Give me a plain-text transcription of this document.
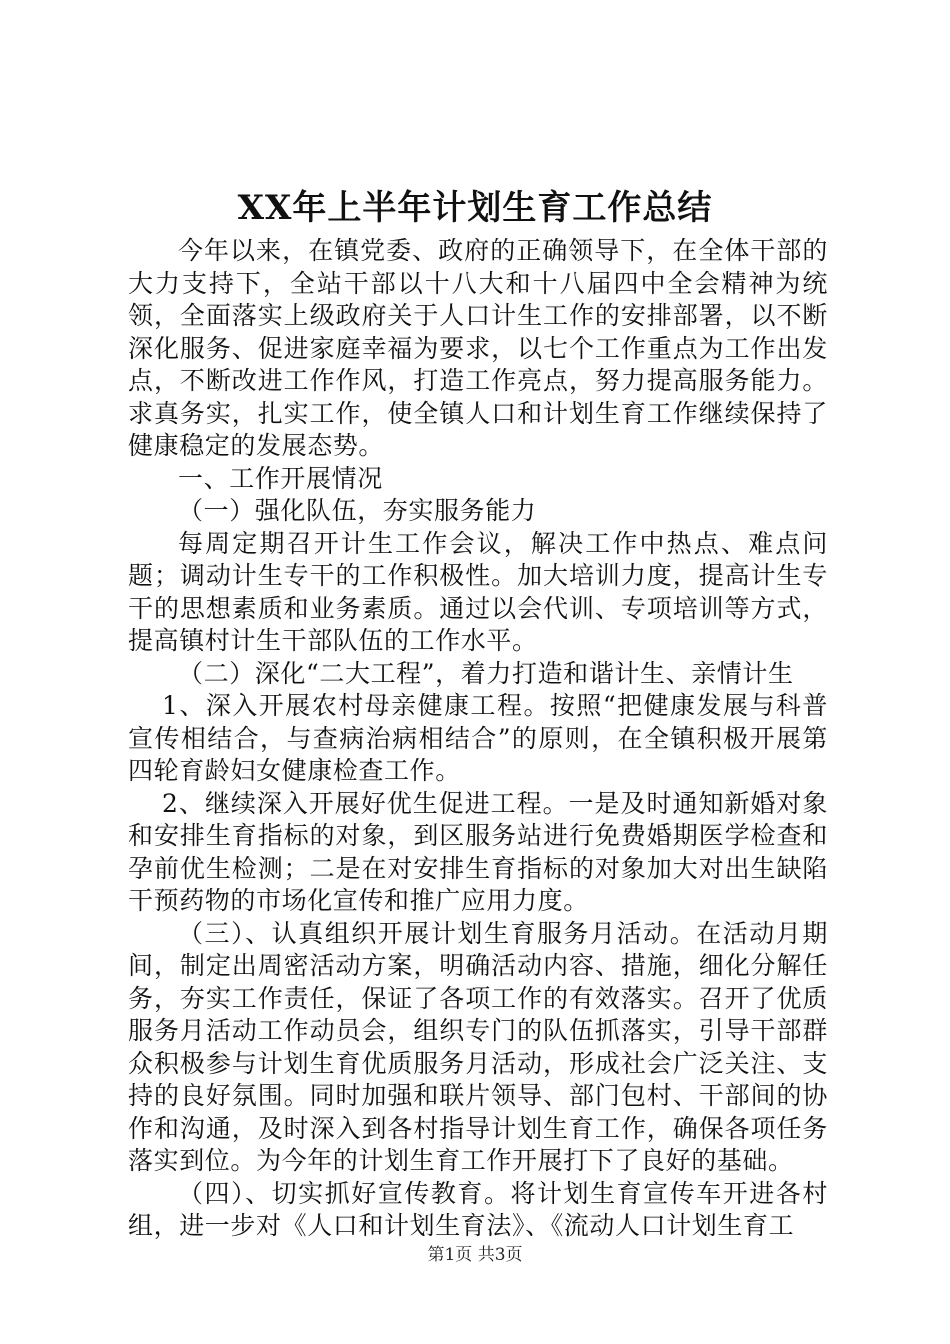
XX年上半年计划生育工作总结

今年以来，在镇党委、政府的正确领导下，在全体干部的大力支持下，全站干部以十八大和十八届四中全会精神为统领，全面落实上级政府关于人口计生工作的安排部署，以不断深化服务、促进家庭幸福为要求，以七个工作重点为工作出发点，不断改进工作作风，打造工作亮点，努力提高服务能力。求真务实，扎实工作，使全镇人口和计划生育工作继续保持了健康稳定的发展态势。

一、工作开展情况

（一）强化队伍，夯实服务能力

每周定期召开计生工作会议，解决工作中热点、难点问题；调动计生专干的工作积极性。加大培训力度，提高计生专干的思想素质和业务素质。通过以会代训、专项培训等方式，提高镇村计生干部队伍的工作水平。

（二）深化“二大工程”，着力打造和谐计生、亲情计生

1、深入开展农村母亲健康工程。按照“把健康发展与科普宣传相结合，与查病治病相结合”的原则，在全镇积极开展第四轮育龄妇女健康检查工作。

2、继续深入开展好优生促进工程。一是及时通知新婚对象和安排生育指标的对象，到区服务站进行免费婚期医学检查和孕前优生检测；二是在对安排生育指标的对象加大对出生缺陷干预药物的市场化宣传和推广应用力度。

（三）、认真组织开展计划生育服务月活动。在活动月期间，制定出周密活动方案，明确活动内容、措施，细化分解任务，夯实工作责任，保证了各项工作的有效落实。召开了优质服务月活动工作动员会，组织专门的队伍抓落实，引导干部群众积极参与计划生育优质服务月活动，形成社会广泛关注、支持的良好氛围。同时加强和联片领导、部门包村、干部间的协作和沟通，及时深入到各村指导计划生育工作，确保各项任务落实到位。为今年的计划生育工作开展打下了良好的基础。

（四）、切实抓好宣传教育。将计划生育宣传车开进各村组，进一步对《人口和计划生育法》、《流动人口计划生育工

第1页 共3页
